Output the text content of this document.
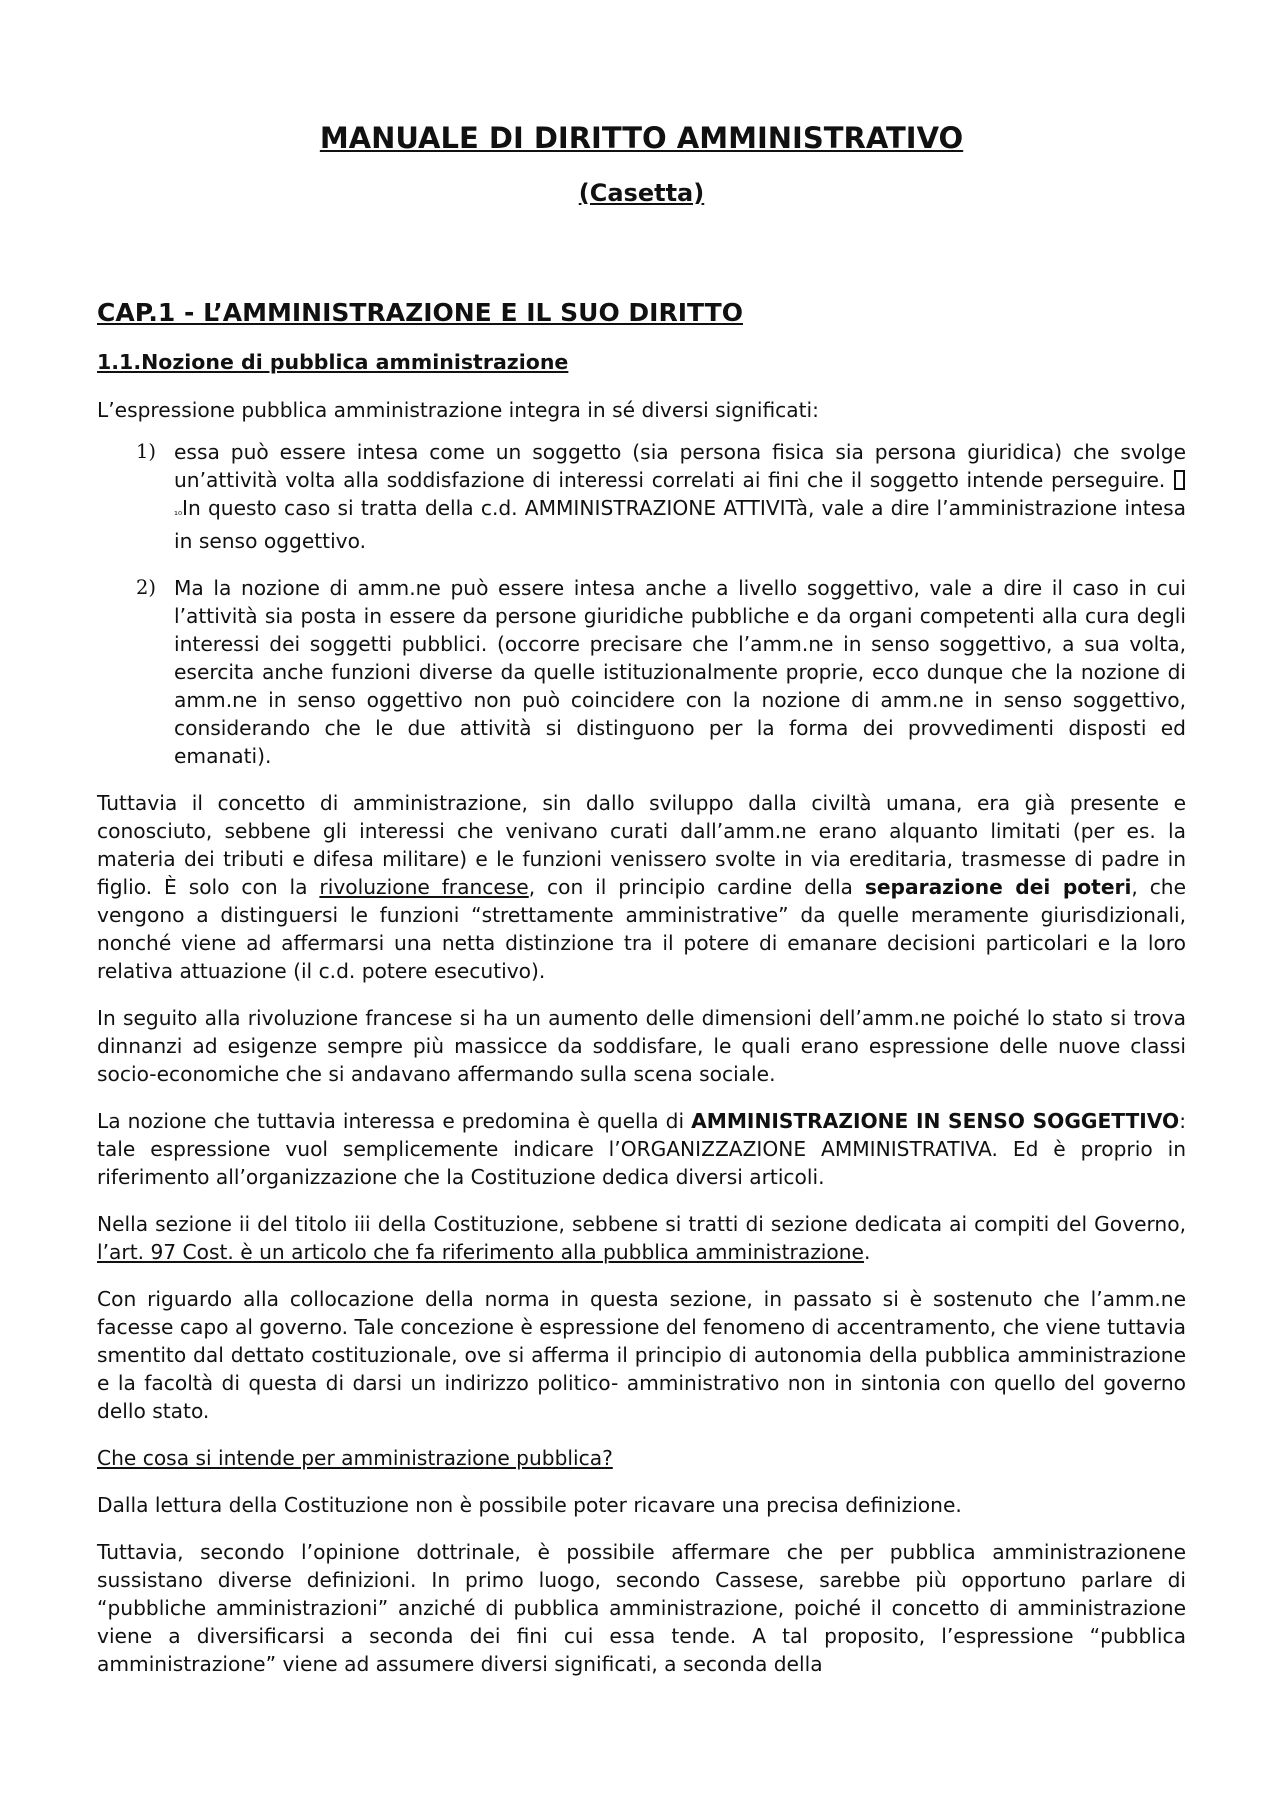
MANUALE DI DIRITTO AMMINISTRATIVO
(Casetta)
CAP.1 - L’AMMINISTRAZIONE E IL SUO DIRITTO
1.1.Nozione di pubblica amministrazione

L’espressione pubblica amministrazione integra in sé diversi significati:

1) essa può essere intesa come un soggetto (sia persona fisica sia persona giuridica) che svolge un’attività volta alla soddisfazione di interessi correlati ai fini che il soggetto intende perseguire. ₁₀In questo caso si tratta della c.d. AMMINISTRAZIONE ATTIVITà, vale a dire l’amministrazione intesa in senso oggettivo.
2) Ma la nozione di amm.ne può essere intesa anche a livello soggettivo, vale a dire il caso in cui l’attività sia posta in essere da persone giuridiche pubbliche e da organi competenti alla cura degli interessi dei soggetti pubblici. (occorre precisare che l’amm.ne in senso soggettivo, a sua volta, esercita anche funzioni diverse da quelle istituzionalmente proprie, ecco dunque che la nozione di amm.ne in senso oggettivo non può coincidere con la nozione di amm.ne in senso soggettivo, considerando che le due attività si distinguono per la forma dei provvedimenti disposti ed emanati).

Tuttavia il concetto di amministrazione, sin dallo sviluppo dalla civiltà umana, era già presente e conosciuto, sebbene gli interessi che venivano curati dall’amm.ne erano alquanto limitati (per es. la materia dei tributi e difesa militare) e le funzioni venissero svolte in via ereditaria, trasmesse di padre in figlio. È solo con la rivoluzione francese, con il principio cardine della separazione dei poteri, che vengono a distinguersi le funzioni “strettamente amministrative” da quelle meramente giurisdizionali, nonché viene ad affermarsi una netta distinzione tra il potere di emanare decisioni particolari e la loro relativa attuazione (il c.d. potere esecutivo).

In seguito alla rivoluzione francese si ha un aumento delle dimensioni dell’amm.ne poiché lo stato si trova dinnanzi ad esigenze sempre più massicce da soddisfare, le quali erano espressione delle nuove classi socio-economiche che si andavano affermando sulla scena sociale.

La nozione che tuttavia interessa e predomina è quella di AMMINISTRAZIONE IN SENSO SOGGETTIVO: tale espressione vuol semplicemente indicare l’ORGANIZZAZIONE AMMINISTRATIVA. Ed è proprio in riferimento all’organizzazione che la Costituzione dedica diversi articoli.

Nella sezione ii del titolo iii della Costituzione, sebbene si tratti di sezione dedicata ai compiti del Governo, l’art. 97 Cost. è un articolo che fa riferimento alla pubblica amministrazione.

Con riguardo alla collocazione della norma in questa sezione, in passato si è sostenuto che l’amm.ne facesse capo al governo. Tale concezione è espressione del fenomeno di accentramento, che viene tuttavia smentito dal dettato costituzionale, ove si afferma il principio di autonomia della pubblica amministrazione e la facoltà di questa di darsi un indirizzo politico- amministrativo non in sintonia con quello del governo dello stato.

Che cosa si intende per amministrazione pubblica?

Dalla lettura della Costituzione non è possibile poter ricavare una precisa definizione.

Tuttavia, secondo l’opinione dottrinale, è possibile affermare che per pubblica amministrazionene sussistano diverse definizioni. In primo luogo, secondo Cassese, sarebbe più opportuno parlare di “pubbliche amministrazioni” anziché di pubblica amministrazione, poiché il concetto di amministrazione viene a diversificarsi a seconda dei fini cui essa tende. A tal proposito, l’espressione “pubblica amministrazione” viene ad assumere diversi significati, a seconda della
